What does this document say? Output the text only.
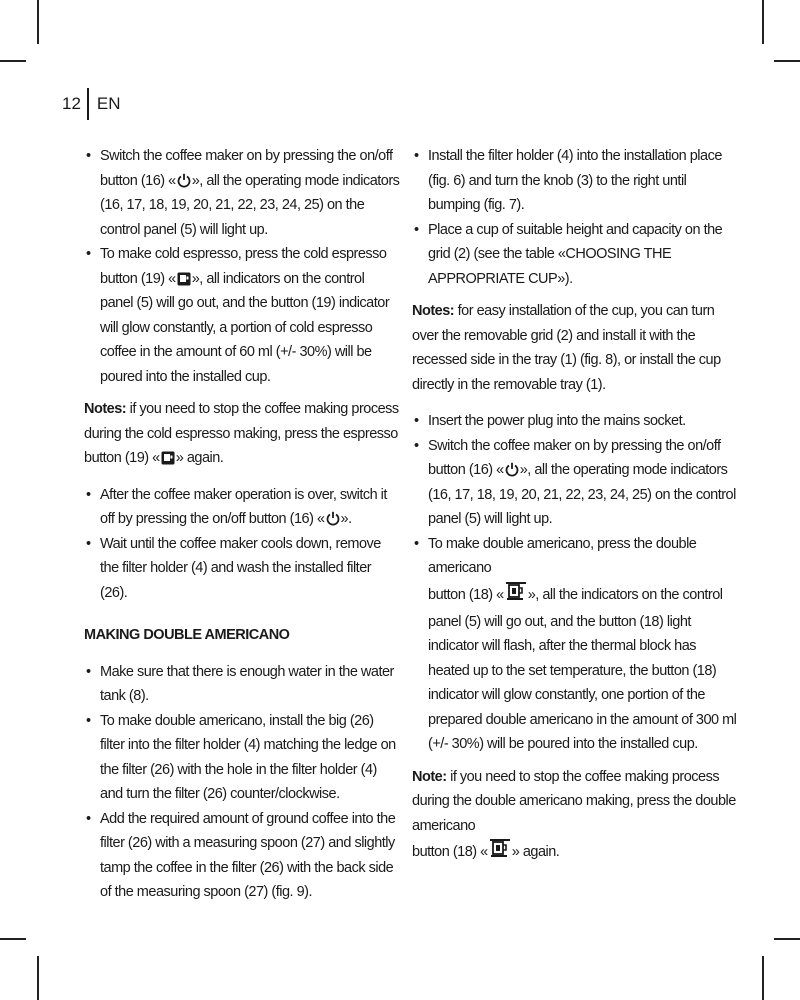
12 EN
• Switch the coffee maker on by pressing the on/off button (16) « », all the operating mode indicators (16, 17, 18, 19, 20, 21, 22, 23, 24, 25) on the control panel (5) will light up.
• To make cold espresso, press the cold espresso button (19) « », all indicators on the control panel (5) will go out, and the button (19) indicator will glow constantly, a portion of cold espresso coffee in the amount of 60 ml (+/- 30%) will be poured into the installed cup.

Notes: if you need to stop the coffee making process during the cold espresso making, press the espresso button (19) « » again.

• After the coffee maker operation is over, switch it off by pressing the on/off button (16) « ».
• Wait until the coffee maker cools down, remove the filter holder (4) and wash the installed filter (26).

MAKING DOUBLE AMERICANO

• Make sure that there is enough water in the water tank (8).
• To make double americano, install the big (26) filter into the filter holder (4) matching the ledge on the filter (26) with the hole in the filter holder (4) and turn the filter (26) counter/clockwise.
• Add the required amount of ground coffee into the filter (26) with a measuring spoon (27) and slightly tamp the coffee in the filter (26) with the back side of the measuring spoon (27) (fig. 9).
• Install the filter holder (4) into the installation place (fig. 6) and turn the knob (3) to the right until bumping (fig. 7).
• Place a cup of suitable height and capacity on the grid (2) (see the table «CHOOSING THE APPROPRIATE CUP»).

Notes: for easy installation of the cup, you can turn over the removable grid (2) and install it with the recessed side in the tray (1) (fig. 8), or install the cup directly in the removable tray (1).

• Insert the power plug into the mains socket.
• Switch the coffee maker on by pressing the on/off button (16) « », all the operating mode indicators (16, 17, 18, 19, 20, 21, 22, 23, 24, 25) on the control panel (5) will light up.
• To make double americano, press the double americano
button (18) « », all the indicators on the control panel (5) will go out, and the button (18) light indicator will flash, after the thermal block has heated up to the set temperature, the button (18) indicator will glow constantly, one portion of the prepared double americano in the amount of 300 ml (+/- 30%) will be poured into the installed cup.

Note: if you need to stop the coffee making process during the double americano making, press the double americano
button (18) « » again.
